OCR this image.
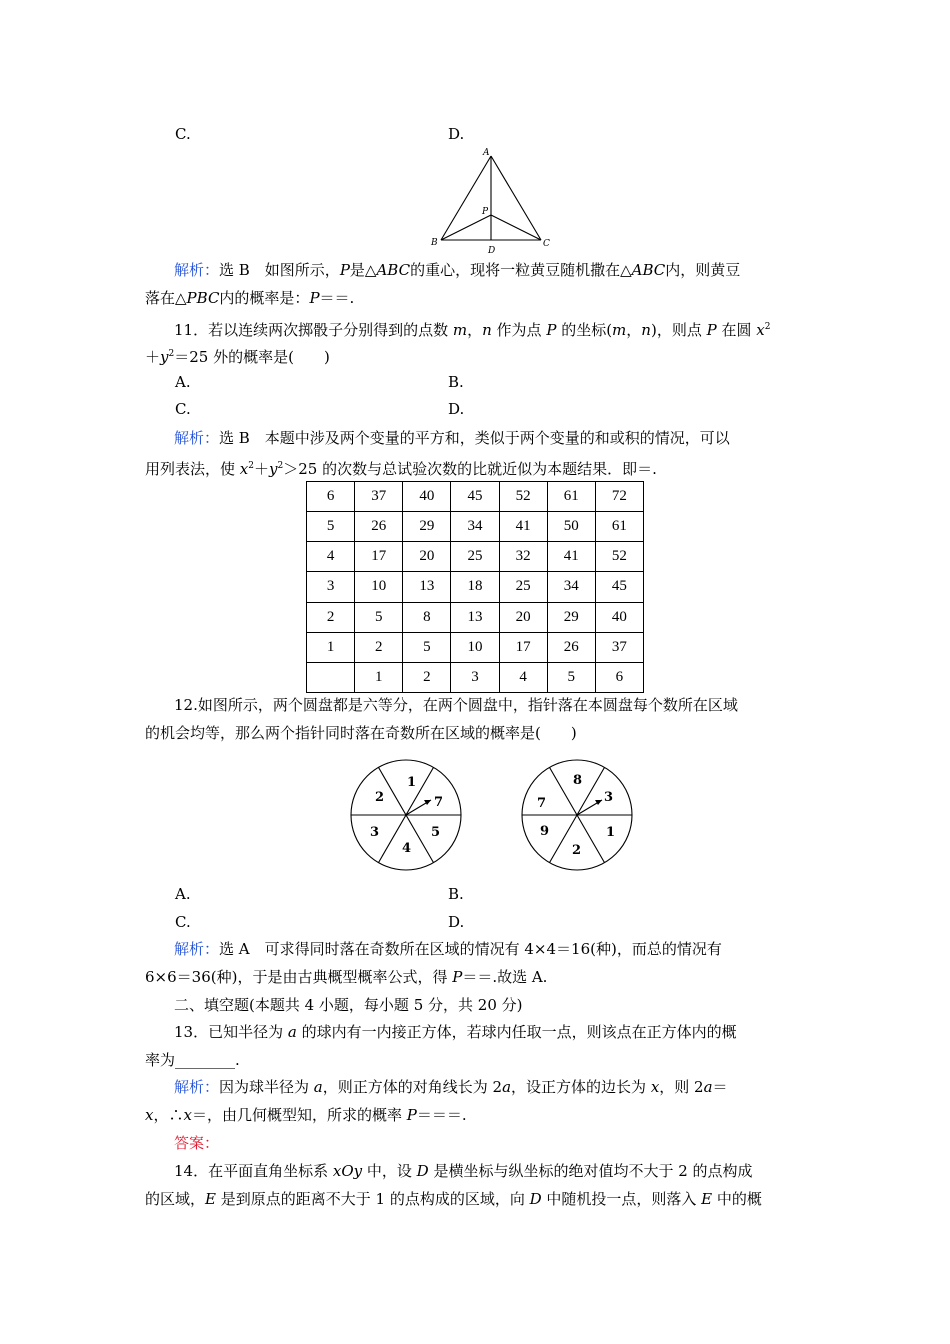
C.	D.
A
P
B
D
C
解析：选 B　如图所示，P是△ABC的重心，现将一粒黄豆随机撒在△ABC内，则黄豆
落在△PBC内的概率是：P＝＝.
11．若以连续两次掷骰子分别得到的点数 m，n 作为点 P 的坐标(m，n)，则点 P 在圆 $x^2$
$+y^2=25$ 外的概率是(　　)
A.	B.
C.	D.
解析：选 B　本题中涉及两个变量的平方和，类似于两个变量的和或积的情况，可以
用列表法，使 $x^2+y^2>25$ 的次数与总试验次数的比就近似为本题结果．即＝.
6	37	40	45	52	61	72
5	26	29	34	41	50	61
4	17	20	25	32	41	52
3	10	13	18	25	34	45
2	5	8	13	20	29	40
1	2	5	10	17	26	37
	1	2	3	4	5	6
12.如图所示，两个圆盘都是六等分，在两个圆盘中，指针落在本圆盘每个数所在区域
的机会均等，那么两个指针同时落在奇数所在区域的概率是(　　)
1
2	7
3	5
4
8
7	3
9	1
2
A.	B.
C.	D.
解析：选 A　可求得同时落在奇数所在区域的情况有 4×4＝16(种)，而总的情况有
6×6＝36(种)，于是由古典概型概率公式，得 P＝＝.故选 A.
二、填空题(本题共 4 小题，每小题 5 分，共 20 分)
13．已知半径为 a 的球内有一内接正方体，若球内任取一点，则该点在正方体内的概
率为________.
解析：因为球半径为 a，则正方体的对角线长为 2a，设正方体的边长为 x，则 2a＝
x，∴x＝，由几何概型知，所求的概率 P＝＝＝.
答案：
14．在平面直角坐标系 xOy 中，设 D 是横坐标与纵坐标的绝对值均不大于 2 的点构成
的区域，E 是到原点的距离不大于 1 的点构成的区域，向 D 中随机投一点，则落入 E 中的概
